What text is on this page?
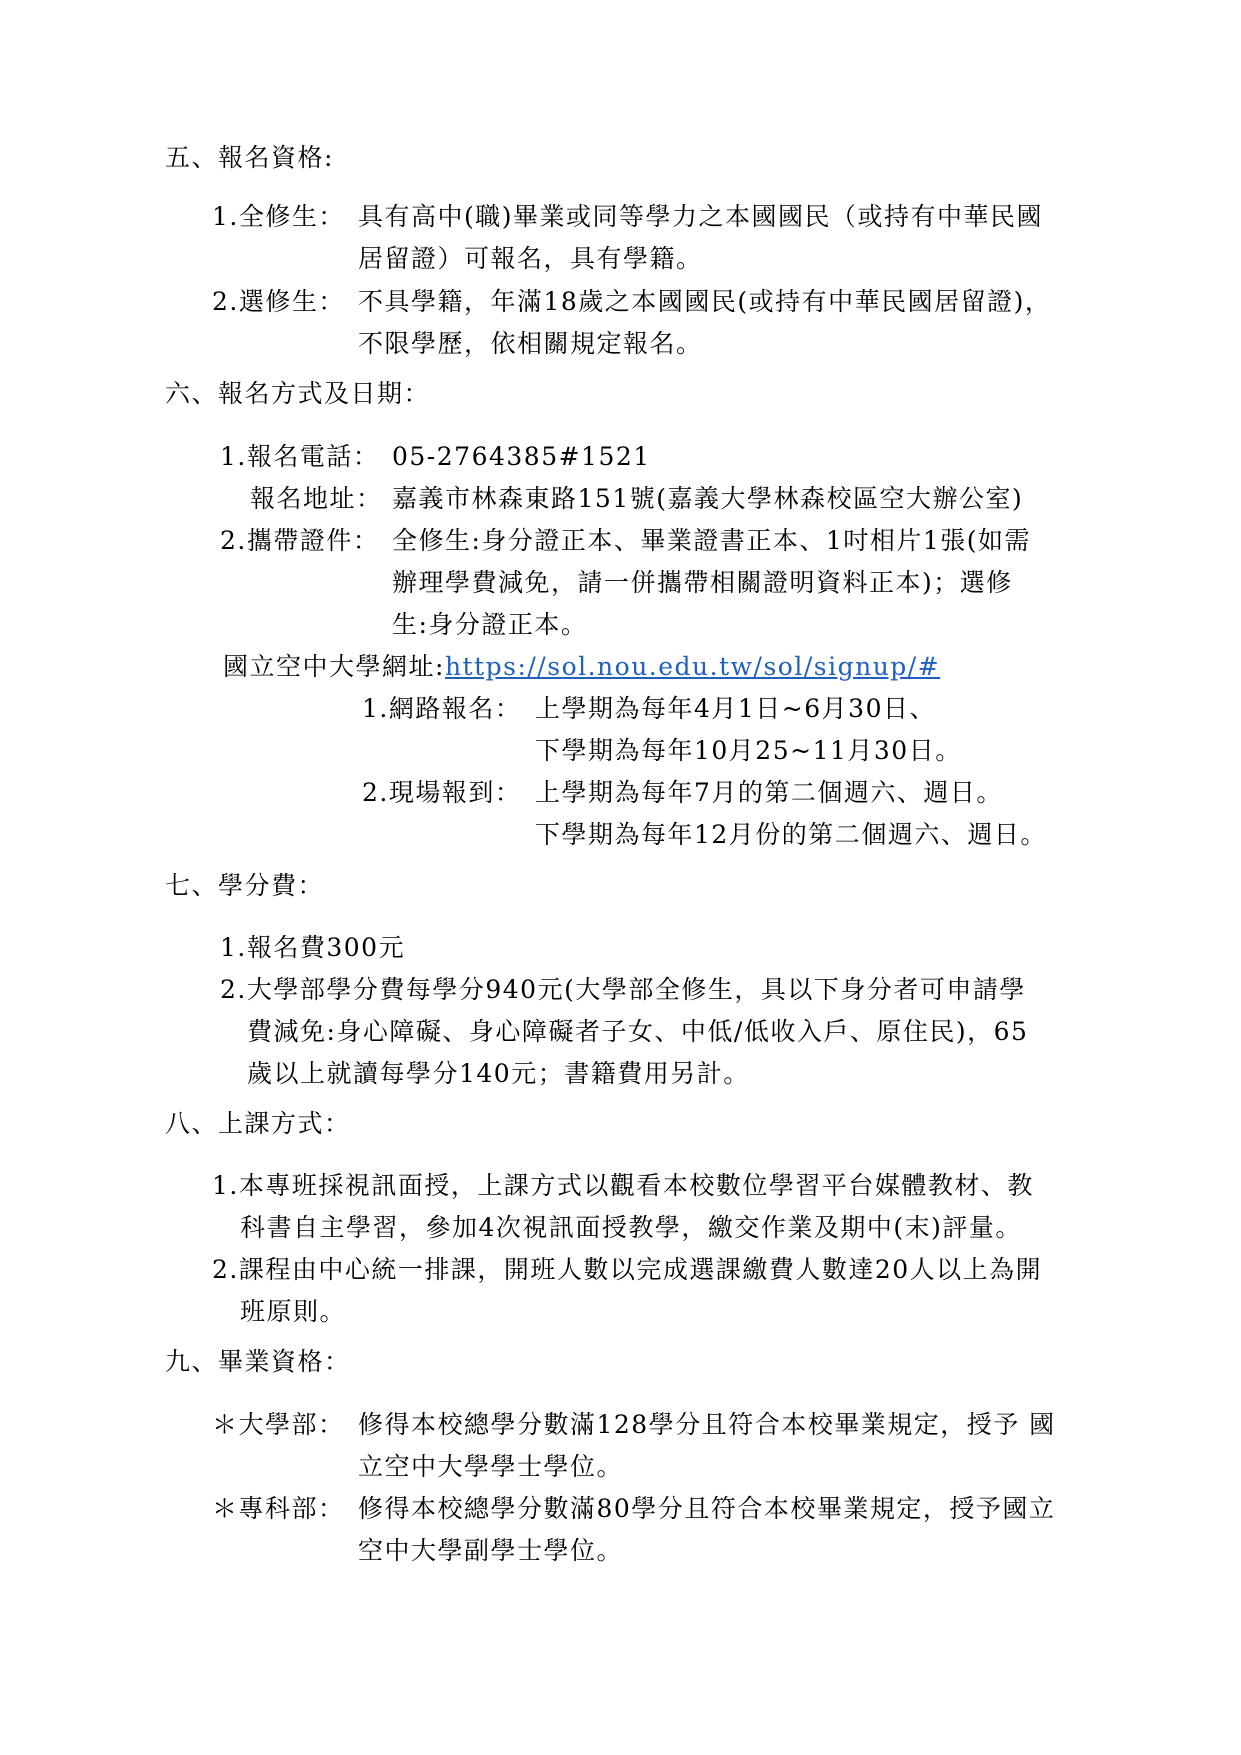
五、報名資格:
1.全修生： 具有高中(職)畢業或同等學力之本國國民（或持有中華民國
居留證）可報名，具有學籍。
2.選修生： 不具學籍，年滿18歲之本國國民(或持有中華民國居留證)，
不限學歷，依相關規定報名。
六、報名方式及日期：
1.報名電話： 05-2764385#1521
報名地址： 嘉義市林森東路151號(嘉義大學林森校區空大辦公室)
2.攜帶證件： 全修生:身分證正本、畢業證書正本、1吋相片1張(如需
辦理學費減免，請一併攜帶相關證明資料正本)；選修
生:身分證正本。
國立空中大學網址:https://sol.nou.edu.tw/sol/signup/#
1.網路報名： 上學期為每年4月1日~6月30日、
下學期為每年10月25~11月30日。
2.現場報到： 上學期為每年7月的第二個週六、週日。
下學期為每年12月份的第二個週六、週日。
七、學分費：
1.報名費300元
2.大學部學分費每學分940元(大學部全修生，具以下身分者可申請學
費減免:身心障礙、身心障礙者子女、中低/低收入戶、原住民)，65
歲以上就讀每學分140元；書籍費用另計。
八、上課方式：
1.本專班採視訊面授，上課方式以觀看本校數位學習平台媒體教材、教
科書自主學習，參加4次視訊面授教學，繳交作業及期中(末)評量。
2.課程由中心統一排課，開班人數以完成選課繳費人數達20人以上為開
班原則。
九、畢業資格：
＊大學部： 修得本校總學分數滿128學分且符合本校畢業規定，授予 國
立空中大學學士學位。
＊專科部： 修得本校總學分數滿80學分且符合本校畢業規定，授予國立
空中大學副學士學位。
